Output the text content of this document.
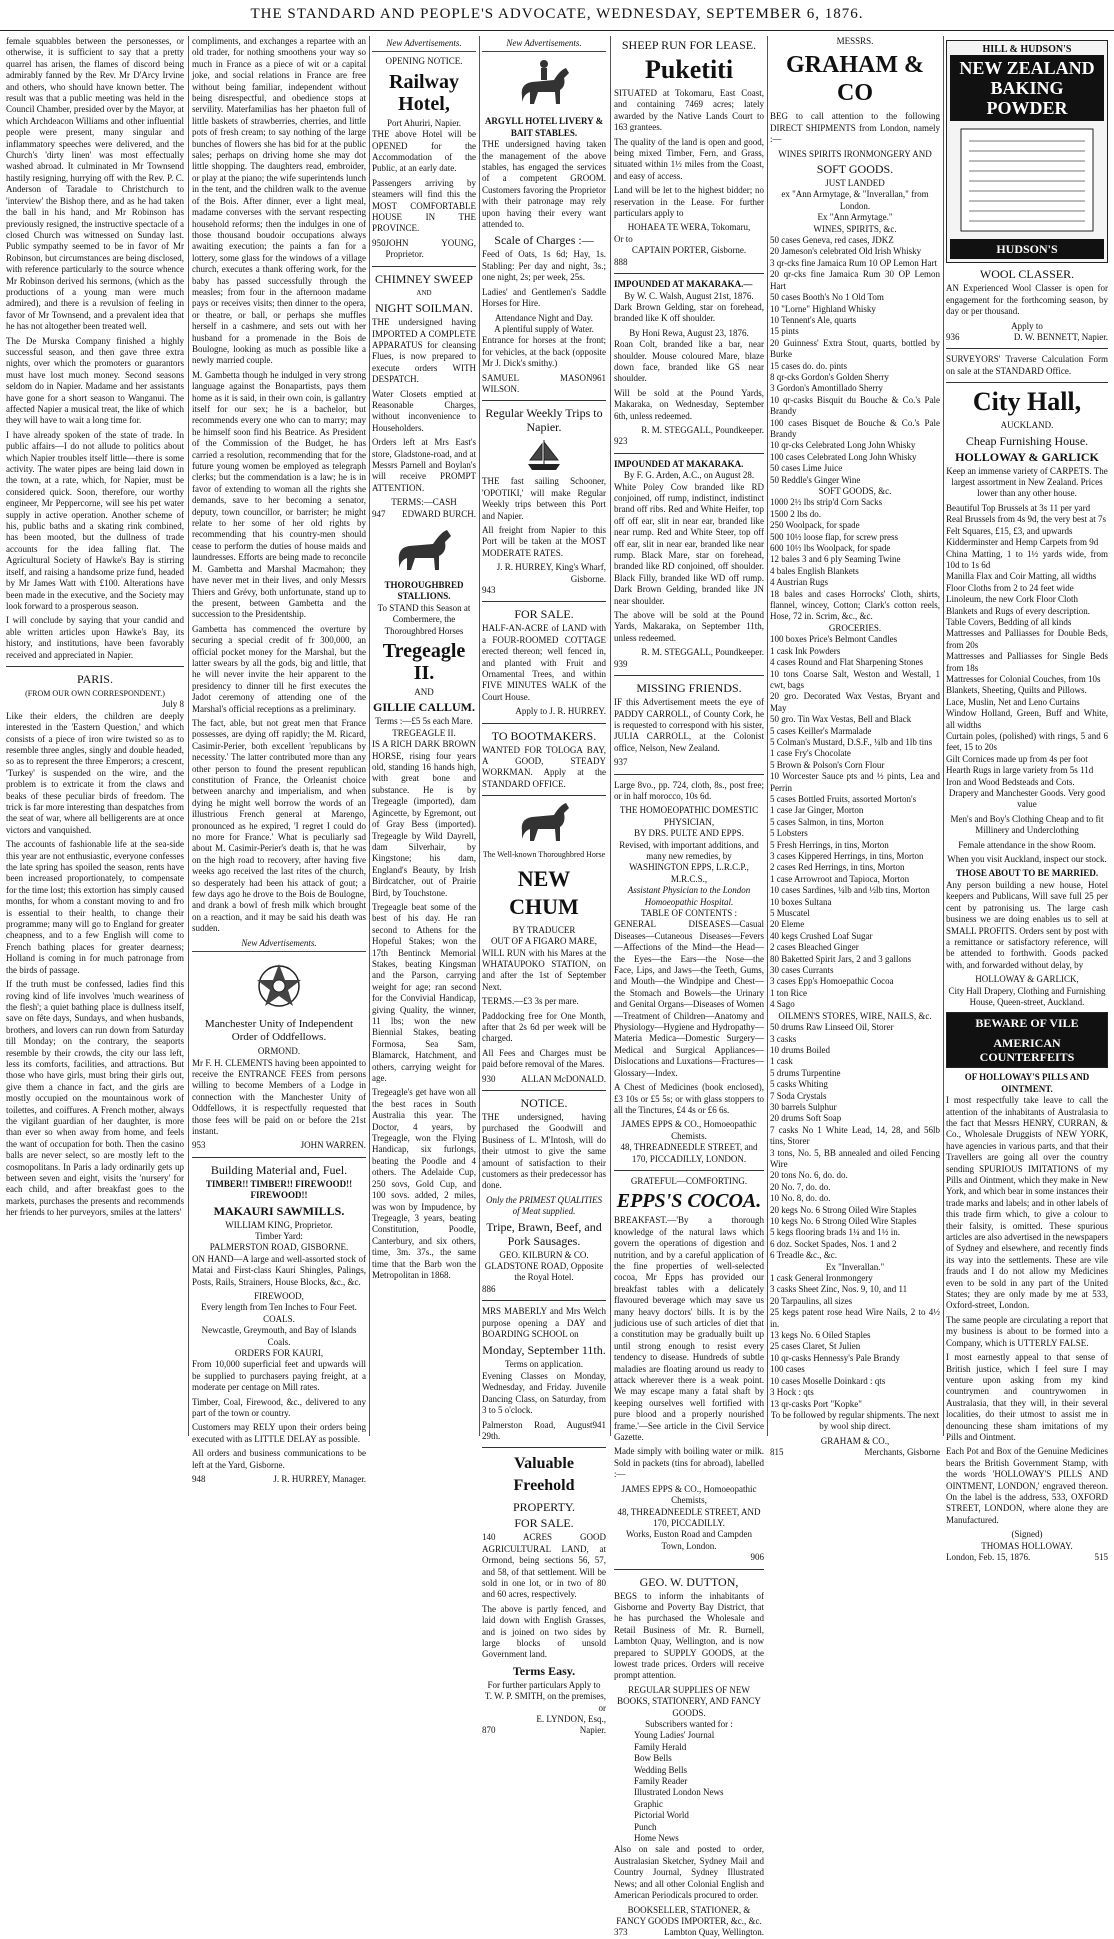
THE STANDARD AND PEOPLE'S ADVOCATE, WEDNESDAY, SEPTEMBER 6, 1876.

female squabbles between the personesses, or otherwise, it is sufficient to say that a pretty quarrel has arisen, the flames of discord being admirably fanned by the Rev. Mr D'Arcy Irvine and others, who should have known better. The result was that a public meeting was held in the Council Chamber, presided over by the Mayor, at which Archdeacon Williams and other influential people were present, many singular and inflammatory speeches were delivered, and the Church's 'dirty linen' was most effectually washed abroad. It culminated in Mr Townsend hastily resigning, hurrying off with the Rev. P. C. Anderson of Taradale to Christchurch to 'interview' the Bishop there, and as he had taken the ball in his hand, and Mr Robinson has previously resigned, the instructive spectacle of a closed Church was witnessed on Sunday last. Public sympathy seemed to be in favor of Mr Robinson, but circumstances are being disclosed, with reference particularly to the source whence Mr Robinson derived his sermons, (which as the productions of a young man were much admired), and there is a revulsion of feeling in favor of Mr Townsend, and a prevalent idea that he has not altogether been treated well.

The De Murska Company finished a highly successful season, and then gave three extra nights, over which the promoters or guarantors must have lost much money. Second seasons seldom do in Napier. Madame and her assistants have gone for a short season to Wanganui. The affected Napier a musical treat, the like of which they will have to wait a long time for.

I have already spoken of the state of trade. In public affairs—I do not allude to politics about which Napier troubles itself little—there is some activity. The water pipes are being laid down in the town, at a rate, which, for Napier, must be considered quick. Soon, therefore, our worthy engineer, Mr Peppercorne, will see his pet water supply in active operation. Another scheme of his, public baths and a skating rink combined, has been mooted, but the dullness of trade accounts for the idea falling flat. The Agricultural Society of Hawke's Bay is stirring itself, and raising a handsome prize fund, headed by Mr James Watt with £100. Alterations have been made in the executive, and the Society may look forward to a prosperous season.

I will conclude by saying that your candid and able written articles upon Hawke's Bay, its history, and institutions, have been favorably received and appreciated in Napier.

PARIS.
(FROM OUR OWN CORRESPONDENT.)
July 8

Like their elders, the children are deeply interested in the 'Eastern Question,' and which consists of a piece of iron wire twisted so as to resemble three angles, singly and double headed, so as to represent the three Emperors; a crescent, 'Turkey' is suspended on the wire, and the problem is to extricate it from the claws and beaks of these peculiar birds of freedom. The trick is far more interesting than despatches from the seat of war, where all belligerents are at once victors and vanquished.

The accounts of fashionable life at the sea-side this year are not enthusiastic, everyone confesses the late spring has spoiled the season, rents have been increased proportionately, to compensate for the time lost; this extortion has simply caused months, for whom a constant moving to and fro is essential to their health, to change their programme; many will go to England for greater cheapness, and to a few English will come to French bathing places for greater dearness; Holland is coming in for much patronage from the birds of passage.

If the truth must be confessed, ladies find this roving kind of life involves 'much weariness of the flesh'; a quiet bathing place is dullness itself, save on fête days, Sundays, and when husbands, brothers, and lovers can run down from Saturday till Monday; on the contrary, the seaports resemble by their crowds, the city our lass left, less its comforts, facilities, and attractions. But those who have girls, must bring their girls out, give them a chance in fact, and the girls are mostly occupied on the mountainous work of toilettes, and coiffures. A French mother, always the vigilant guardian of her daughter, is more than ever so when away from home, and feels the want of occupation for both. Then the casino balls are never select, so are mostly left to the cosmopolitans. In Paris a lady ordinarily gets up between seven and eight, visits the 'nursery' for each child, and after breakfast goes to the markets, purchases the presents and recommends her friends to her purveyors, smiles at the latters'

compliments, and exchanges a repartee with an old trader, for nothing smoothens your way so much in France as a piece of wit or a capital joke, and social relations in France are free without being familiar, independent without being disrespectful, and obedience stops at servility. Materfamilias has her phaeton full of little baskets of strawberries, cherries, and little pots of fresh cream; to say nothing of the large bunches of flowers she has bid for at the public sales; perhaps on driving home she may dot little shopping. The daughters read, embroider, or play at the piano; the wife superintends lunch in the tent, and the children walk to the avenue of the Bois. After dinner, ever a light meal, madame converses with the servant respecting household reforms; then the indulges in one of those thousand boudoir occupations always awaiting execution; the paints a fan for a lottery, some glass for the windows of a village church, executes a thank offering work, for the baby has passed successfully through the measles; from four in the afternoon madame pays or receives visits; then dinner to the opera, or theatre, or ball, or perhaps she muffles herself in a cashmere, and sets out with her husband for a promenade in the Bois de Boulogne, looking as much as possible like a newly married couple.

M. Gambetta though he indulged in very strong language against the Bonapartists, pays them home as it is said, in their own coin, is gallantry itself for our sex; he is a bachelor, but recommends every one who can to marry; may he himself soon find his Beatrice. As President of the Commission of the Budget, he has carried a resolution, recommending that for the future young women be employed as telegraph clerks; but the commendation is a law; he is in favor of extending to woman all the rights she demands, save to her becoming a senator, deputy, town councillor, or barrister; he might relate to her some of her old rights by recommending that his country-men should cease to perform the duties of house maids and laundresses. Efforts are being made to reconcile M. Gambetta and Marshal Macmahon; they have never met in their lives, and only Messrs Thiers and Grévy, both unfortunate, stand up to the present, between Gambetta and the succession to the Presidentship.

Gambetta has commenced the overture by securing a special credit of fr 300,000, an official pocket money for the Marshal, but the latter swears by all the gods, big and little, that he will never invite the heir apparent to the presidency to dinner till he first executes the Jadot ceremony of attending one of the Marshal's official receptions as a preliminary.

The fact, able, but not great men that France possesses, are dying off rapidly; the M. Ricard, Casimir-Perier, both excellent 'republicans by necessity.' The latter contributed more than any other person to found the present republican constitution of France, the Orleanist choice between anarchy and imperialism, and when dying he might well borrow the words of an illustrious French general at Marengo, pronounced as he expired, 'I regret I could do no more for France.' What is peculiarly sad about M. Casimir-Perier's death is, that he was on the high road to recovery, after having five weeks ago received the last rites of the church, so desperately had been his attack of gout; a few days ago he drove to the Bois de Boulogne, and drank a bowl of fresh milk which brought on a reaction, and it may be said his death was sudden.

New Advertisements.
Manchester Unity of Independent Order of Oddfellows.
ORMOND.

Mr F. H. CLEMENTS having been appointed to receive the ENTRANCE FEES from persons willing to become Members of a Lodge in connection with the Manchester Unity of Oddfellows, it is respectfully requested that those fees will be paid on or before the 21st instant.

953	JOHN WARREN.
Building Material and, Fuel.
TIMBER!! TIMBER!! FIREWOOD!! FIREWOOD!!
MAKAURI SAWMILLS.
WILLIAM KING, Proprietor.
Timber Yard:
PALMERSTON ROAD, GISBORNE.

ON HAND—A large and well-assorted stock of Matai and First-class Kauri Shingles, Palings, Posts, Rails, Strainers, House Blocks, &c., &c.

FIREWOOD,
Every length from Ten Inches to Four Feet.
COALS.
Newcastle, Greymouth, and Bay of Islands Coals.
ORDERS FOR KAURI,

From 10,000 superficial feet and upwards will be supplied to purchasers paying freight, at a moderate per centage on Mill rates.

Timber, Coal, Firewood, &c., delivered to any part of the town or country.

Customers may RELY upon their orders being executed with as LITTLE DELAY as possible.

All orders and business communications to be left at the Yard, Gisborne.

948	J. R. HURREY, Manager.
New Advertisements.
OPENING NOTICE.
Railway Hotel,
Port Ahuriri, Napier.

THE above Hotel will be OPENED for the Accommodation of the Public, at an early date.

Passengers arriving by steamers will find this the MOST COMFORTABLE HOUSE IN THE PROVINCE.

950 JOHN YOUNG, Proprietor.
CHIMNEY SWEEP
AND
NIGHT SOILMAN.

THE undersigned having IMPORTED A COMPLETE APPARATUS for cleansing Flues, is now prepared to execute orders WITH DESPATCH.

Water Closets emptied at Reasonable Charges, without inconvenience to Householders.

Orders left at Mrs East's store, Gladstone-road, and at Messrs Parnell and Boylan's will receive PROMPT ATTENTION.

TERMS:—CASH
947 EDWARD BURCH.
THOROUGHBRED STALLIONS.
To STAND this Season at Combermere, the Thoroughbred Horses
Tregeagle II.
AND
GILLIE CALLUM.
Terms :—£5 5s each Mare.
TREGEAGLE II.

IS A RICH DARK BROWN HORSE, rising four years old, standing 16 hands high, with great bone and substance. He is by Tregeagle (imported), dam Agincette, by Egremont, out of Gray Bess (imported). Tregeagle by Wild Dayrell, dam Silverhair, by Kingstone; his dam, England's Beauty, by Irish Birdcatcher, out of Prairie Bird, by Touchstone.

Tregeagle beat some of the best of his day. He ran second to Athens for the Hopeful Stakes; won the 17th Bentinck Memorial Stakes, beating Kingsman and the Parson, carrying weight for age; ran second for the Convivial Handicap, giving Quality, the winner, 11 lbs; won the new Biennial Stakes, beating Formosa, Sea Sam, Blamarck, Hatchment, and others, carrying weight for age.

Tregeagle's get have won all the best races in South Australia this year. The Doctor, 4 years, by Tregeagle, won the Flying Handicap, six furlongs, beating the Poodle and 4 others. The Adelaide Cup, 250 sovs, Gold Cup, and 100 sovs. added, 2 miles, was won by Impudence, by Tregeagle, 3 years, beating Constitution, Poodle, Canterbury, and six others, time, 3m. 37s., the same time that the Barb won the Metropolitan in 1868.

New Advertisements.
ARGYLL HOTEL LIVERY & BAIT STABLES.

THE undersigned having taken the management of the above stables, has engaged the services of a competent GROOM. Customers favoring the Proprietor with their patronage may rely upon having their every want attended to.

Scale of Charges :—

Feed of Oats, 1s 6d; Hay, 1s. Stabling: Per day and night, 3s.; one night, 2s; per week, 25s.

Ladies' and Gentlemen's Saddle Horses for Hire.

Attendance Night and Day.
A plentiful supply of Water.

Entrance for horses at the front; for vehicles, at the back (opposite Mr J. Dick's smithy.)

SAMUEL MASON WILSON.
961
Regular Weekly Trips to Napier.

THE fast sailing Schooner, 'OPOTIKI,' will make Regular Weekly trips between this Port and Napier.

All freight from Napier to this Port will be taken at the MOST MODERATE RATES.

J. R. HURREY, King's Wharf, Gisborne.
943
FOR SALE.

HALF-AN-ACRE of LAND with a FOUR-ROOMED COTTAGE erected thereon; well fenced in, and planted with Fruit and Ornamental Trees, and within FIVE MINUTES WALK of the Court House.

Apply to J. R. HURREY.
TO BOOTMAKERS.

WANTED FOR TOLOGA BAY, A GOOD, STEADY WORKMAN. Apply at the STANDARD OFFICE.

The Well-known Thoroughbred Horse
NEW CHUM
BY TRADUCER
OUT OF A FIGARO MARE,

WILL RUN with his Mares at the WHATAUPOKO STATION, on and after the 1st of September Next.

TERMS.—£3 3s per mare.

Paddocking free for One Month, after that 2s 6d per week will be charged.

All Fees and Charges must be paid before removal of the Mares.

930	ALLAN McDONALD.
NOTICE.

THE undersigned, having purchased the Goodwill and Business of L. M'Intosh, will do their utmost to give the same amount of satisfaction to their customers as their predecessor has done.

Only the PRIMEST QUALITIES of Meat supplied.
Tripe, Brawn, Beef, and Pork Sausages.
GEO. KILBURN & CO.
GLADSTONE ROAD, Opposite the Royal Hotel.
886

MRS MABERLY and Mrs Welch purpose opening a DAY and BOARDING SCHOOL on

Monday, September 11th.
Terms on application.

Evening Classes on Monday, Wednesday, and Friday. Juvenile Dancing Class, on Saturday, from 3 to 5 o'clock.

Palmerston Road, August 29th.
941
Valuable Freehold
PROPERTY.
FOR SALE.

140 ACRES GOOD AGRICULTURAL LAND, at Ormond, being sections 56, 57, and 58, of that settlement. Will be sold in one lot, or in two of 80 and 60 acres, respectively.

The above is partly fenced, and laid down with English Grasses, and is joined on two sides by large blocks of unsold Government land.

Terms Easy.
For further particulars Apply to
T. W. P. SMITH, on the premises, or
E. LYNDON, Esq.,
870	Napier.
SHEEP RUN FOR LEASE.
Puketiti

SITUATED at Tokomaru, East Coast, and containing 7469 acres; lately awarded by the Native Lands Court to 163 grantees.

The quality of the land is open and good, being mixed Timber, Fern, and Grass, situated within 1½ miles from the Coast, and easy of access.

Land will be let to the highest bidder; no reservation in the Lease. For further particulars apply to

HOHAEA TE WERA, Tokomaru,
Or to
CAPTAIN PORTER, Gisborne.
888
IMPOUNDED AT MAKARAKA.—
By W. C. Walsh, August 21st, 1876.

Dark Brown Gelding, star on forehead, branded like K off shoulder.

By Honi Rewa, August 23, 1876.

Roan Colt, branded like a bar, near shoulder. Mouse coloured Mare, blaze down face, branded like GS near shoulder.

Will be sold at the Pound Yards, Makaraka, on Wednesday, September 6th, unless redeemed.

R. M. STEGGALL, Poundkeeper.
923
IMPOUNDED AT MAKARAKA.
By F. G. Arden, A.C., on August 28.

White Poley Cow branded like RD conjoined, off rump, indistinct, indistinct brand off ribs. Red and White Heifer, top off off ear, slit in near ear, branded like near rump. Red and White Steer, top off off ear, slit in near ear, branded like near rump. Black Mare, star on forehead, branded like RD conjoined, off shoulder. Black Filly, branded like WD off rump. Dark Brown Gelding, branded like JN near shoulder.

The above will be sold at the Pound Yards, Makaraka, on September 11th, unless redeemed.

R. M. STEGGALL, Poundkeeper.
939
MISSING FRIENDS.

IF this Advertisement meets the eye of PADDY CARROLL, of County Cork, he is requested to correspond with his sister, JULIA CARROLL, at the Colonist office, Nelson, New Zealand.

937

Large 8vo., pp. 724, cloth, 8s., post free; or in half morocco, 10s 6d.

THE HOMOEOPATHIC DOMESTIC PHYSICIAN,
BY DRS. PULTE AND EPPS.
Revised, with important additions, and many new remedies, by
WASHINGTON EPPS, L.R.C.P., M.R.C.S.,
Assistant Physician to the London Homoeopathic Hospital.
TABLE OF CONTENTS :

GENERAL DISEASES—Casual Diseases—Cutaneous Diseases—Fevers—Affections of the Mind—the Head—the Eyes—the Ears—the Nose—the Face, Lips, and Jaws—the Teeth, Gums, and Mouth—the Windpipe and Chest—the Stomach and Bowels—the Urinary and Genital Organs—Diseases of Women—Treatment of Children—Anatomy and Physiology—Hygiene and Hydropathy—Materia Medica—Domestic Surgery—Medical and Surgical Appliances—Dislocations and Luxations—Fractures—Glossary—Index.

A Chest of Medicines (book enclosed), £3 10s or £5 5s; or with glass stoppers to all the Tinctures, £4 4s or £6 6s.

JAMES EPPS & CO., Homoeopathic Chemists.
48, THREADNEEDLE STREET, and 170, PICCADILLY, LONDON.
GRATEFUL—COMFORTING.
EPPS'S COCOA.

BREAKFAST.—'By a thorough knowledge of the natural laws which govern the operations of digestion and nutrition, and by a careful application of the fine properties of well-selected cocoa, Mr Epps has provided our breakfast tables with a delicately flavoured beverage which may save us many heavy doctors' bills. It is by the judicious use of such articles of diet that a constitution may be gradually built up until strong enough to resist every tendency to disease. Hundreds of subtle maladies are floating around us ready to attack wherever there is a weak point. We may escape many a fatal shaft by keeping ourselves well fortified with pure blood and a properly nourished frame.'—See article in the Civil Service Gazette.

Made simply with boiling water or milk. Sold in packets (tins for abroad), labelled :—

JAMES EPPS & CO., Homoeopathic Chemists,
48, THREADNEEDLE STREET, AND 170, PICCADILLY.
Works, Euston Road and Campden Town, London.
906
GEO. W. DUTTON,

BEGS to inform the inhabitants of Gisborne and Poverty Bay District, that he has purchased the Wholesale and Retail Business of Mr. R. Burnell, Lambton Quay, Wellington, and is now prepared to SUPPLY GOODS, at the lowest trade prices. Orders will receive prompt attention.

REGULAR SUPPLIES OF NEW BOOKS, STATIONERY, AND FANCY GOODS.
Subscribers wanted for :
Young Ladies' Journal
Family Herald
Bow Bells
Wedding Bells
Family Reader
Illustrated London News
Graphic
Pictorial World
Punch
Home News

Also on sale and posted to order, Australasian Sketcher, Sydney Mail and Country Journal, Sydney Illustrated News; and all other Colonial English and American Periodicals procured to order.

BOOKSELLER, STATIONER, & FANCY GOODS IMPORTER, &c., &c.
373	Lambton Quay, Wellington.
MESSRS.
GRAHAM & CO

BEG to call attention to the following DIRECT SHIPMENTS from London, namely :—

WINES SPIRITS IRONMONGERY AND
SOFT GOODS.
JUST LANDED
ex "Ann Armytage, & "Inverallan," from London.
Ex "Ann Armytage."
WINES, SPIRITS, &c.
50 cases Geneva, red cases, JDKZ
20 Jameson's celebrated Old Irish Whisky
3 qr-cks fine Jamaica Rum 10 OP Lemon Hart
20 qr-cks fine Jamaica Rum 30 OP Lemon Hart
50 cases Booth's No 1 Old Tom
10 "Lorne" Highland Whisky
10 Tennent's Ale, quarts
15 pints
20 Guinness' Extra Stout, quarts, bottled by Burke
15 cases do. do. pints
8 qr-cks Gordon's Golden Sherry
3 Gordon's Amontillado Sherry
10 qr-casks Bisquit du Bouche & Co.'s Pale Brandy
100 cases Bisquet de Bouche & Co.'s Pale Brandy
10 qr-cks Celebrated Long John Whisky
100 cases Celebrated Long John Whisky
50 cases Lime Juice
50 Reddle's Ginger Wine
SOFT GOODS, &c.
1000 2½ lbs strip'd Corn Sacks
1500 2 lbs do.
250 Woolpack, for spade
500 10½ loose flap, for screw press
600 10½ lbs Woolpack, for spade
12 bales 3 and 6 ply Seaming Twine
4 bales English Blankets
4 Austrian Rugs
18 bales and cases Horrocks' Cloth, shirts, flannel, wincey, Cotton; Clark's cotton reels, Hose, 72 in. Scrim, &c., &c.
GROCERIES.
100 boxes Price's Belmont Candles
1 cask Ink Powders
4 cases Round and Flat Sharpening Stones
10 tons Coarse Salt, Weston and Westall, 1 cwt, bags
20 gro. Decorated Wax Vestas, Bryant and May
50 gro. Tin Wax Vestas, Bell and Black
5 cases Keiller's Marmalade
5 Colman's Mustard, D.S.F., ¼lb and 1lb tins
1 case Fry's Chocolate
5 Brown & Polson's Corn Flour
10 Worcester Sauce pts and ½ pints, Lea and Perrin
5 cases Bottled Fruits, assorted Morton's
1 case Jar Ginger, Morton
5 cases Salmon, in tins, Morton
5 Lobsters
5 Fresh Herrings, in tins, Morton
3 cases Kippered Herrings, in tins, Morton
2 cases Red Herrings, in tins, Morton
1 case Arrowroot and Tapioca, Morton
10 cases Sardines, ¼lb and ½lb tins, Morton
10 boxes Sultana
5 Muscatel
20 Eleme
40 kegs Crushed Loaf Sugar
2 cases Bleached Ginger
80 Baketted Spirit Jars, 2 and 3 gallons
30 cases Currants
3 cases Epp's Homoepathic Cocoa
1 ton Rice
4 Sago
OILMEN'S STORES, WIRE, NAILS, &c.
50 drums Raw Linseed Oil, Storer
3 casks
10 drums Boiled
1 cask
5 drums Turpentine
5 casks Whiting
7 Soda Crystals
30 barrels Sulphur
20 drums Soft Soap
7 casks No 1 White Lead, 14, 28, and 56lb tins, Storer
3 tons, No. 5, BB annealed and oiled Fencing Wire
20 tons No. 6, do. do.
20 No. 7, do. do.
10 No. 8, do. do.
20 kegs No. 6 Strong Oiled Wire Staples
10 kegs No. 6 Strong Oiled Wire Staples
5 kegs flooring brads 1¼ and 1½ in.
6 doz. Socket Spades, Nos. 1 and 2
6 Treadle &c., &c.
Ex "Inverallan."
1 cask General Ironmongery
3 casks Sheet Zinc, Nos. 9, 10, and 11
20 Tarpaulins, all sizes
25 kegs patent rose head Wire Nails, 2 to 4½ in.
13 kegs No. 6 Oiled Staples
25 cases Claret, St Julien
10 qr-casks Hennessy's Pale Brandy
100 cases
10 cases Moselle Doinkard : qts
3 Hock : qts
13 qr-casks Port "Kopke"

To be followed by regular shipments. The next by wool ship direct.

GRAHAM & CO.,
815	Merchants, Gisborne
HILL & HUDSON'S
NEW ZEALAND BAKING POWDER
HUDSON'S
WOOL CLASSER.

AN Experienced Wool Classer is open for engagement for the forthcoming season, by day or per thousand.

Apply to
936	D. W. BENNETT, Napier.

SURVEYORS' Traverse Calculation Form on sale at the STANDARD Office.

City Hall,
AUCKLAND.
Cheap Furnishing House.
HOLLOWAY & GARLICK

Keep an immense variety of CARPETS. The largest assortment in New Zealand. Prices lower than any other house.

Beautiful Top Brussels at 3s 11 per yard
Real Brussels from 4s 9d, the very best at 7s
Felt Squares, £15, £3, and upwards
Kidderminster and Hemp Carpets from 9d
China Matting, 1 to 1½ yards wide, from 10d to 1s 6d
Manilla Flax and Coir Matting, all widths
Floor Cloths from 2 to 24 feet wide
Linoleum, the new Cork Floor Cloth
Blankets and Rugs of every description.
Table Covers, Bedding of all kinds
Mattresses and Palliasses for Double Beds, from 20s
Mattresses and Palliasses for Single Beds from 18s
Mattresses for Colonial Couches, from 10s
Blankets, Sheeting, Quilts and Pillows.
Lace, Muslin, Net and Leno Curtains
Window Holland, Green, Buff and White, all widths
Curtain poles, (polished) with rings, 5 and 6 feet, 15 to 20s
Gilt Cornices made up from 4s per foot
Hearth Rugs in large variety from 5s 11d
Iron and Wood Bedsteads and Cots.

Drapery and Manchester Goods. Very good value

Men's and Boy's Clothing Cheap and to fit Millinery and Underclothing

Female attendance in the show Room.

When you visit Auckland, inspect our stock.

THOSE ABOUT TO BE MARRIED.

Any person building a new house, Hotel keepers and Publicans, Will save full 25 per cent by patronising us. The large cash business we are doing enables us to sell at SMALL PROFITS. Orders sent by post with a remittance or satisfactory reference, will be attended to forthwith. Goods packed with, and forwarded without delay, by

HOLLOWAY & GARLICK,

City Hall Drapery, Clothing and Furnishing House, Queen-street, Auckland.

BEWARE OF VILE
AMERICAN COUNTERFEITS
OF HOLLOWAY'S PILLS AND OINTMENT.

I most respectfully take leave to call the attention of the inhabitants of Australasia to the fact that Messrs HENRY, CURRAN, & Co., Wholesale Druggists of NEW YORK, have agencies in various parts, and that their Travellers are going all over the country sending SPURIOUS IMITATIONS of my Pills and Ointment, which they make in New York, and which bear in some instances their trade marks and labels; and in other labels of this trade firm which, to give a colour to their falsity, is omitted. These spurious articles are also advertised in the newspapers of Sydney and elsewhere, and recently finds its way into the settlements. These are vile frauds and I do not allow my Medicines even to be sold in any part of the United States; they are only made by me at 533, Oxford-street, London.

The same people are circulating a report that my business is about to be formed into a Company, which is UTTERLY FALSE.

I most earnestly appeal to that sense of British justice, which I feel sure I may venture upon asking from my kind countrymen and countrywomen in Australasia, that they will, in their several localities, do their utmost to assist me in denouncing these sham imitations of my Pills and Ointment.

Each Pot and Box of the Genuine Medicines bears the British Government Stamp, with the words 'HOLLOWAY'S PILLS AND OINTMENT, LONDON,' engraved thereon. On the label is the address, 533, OXFORD STREET, LONDON, where alone they are Manufactured.

(Signed)
THOMAS HOLLOWAY.
London, Feb. 15, 1876.	515
